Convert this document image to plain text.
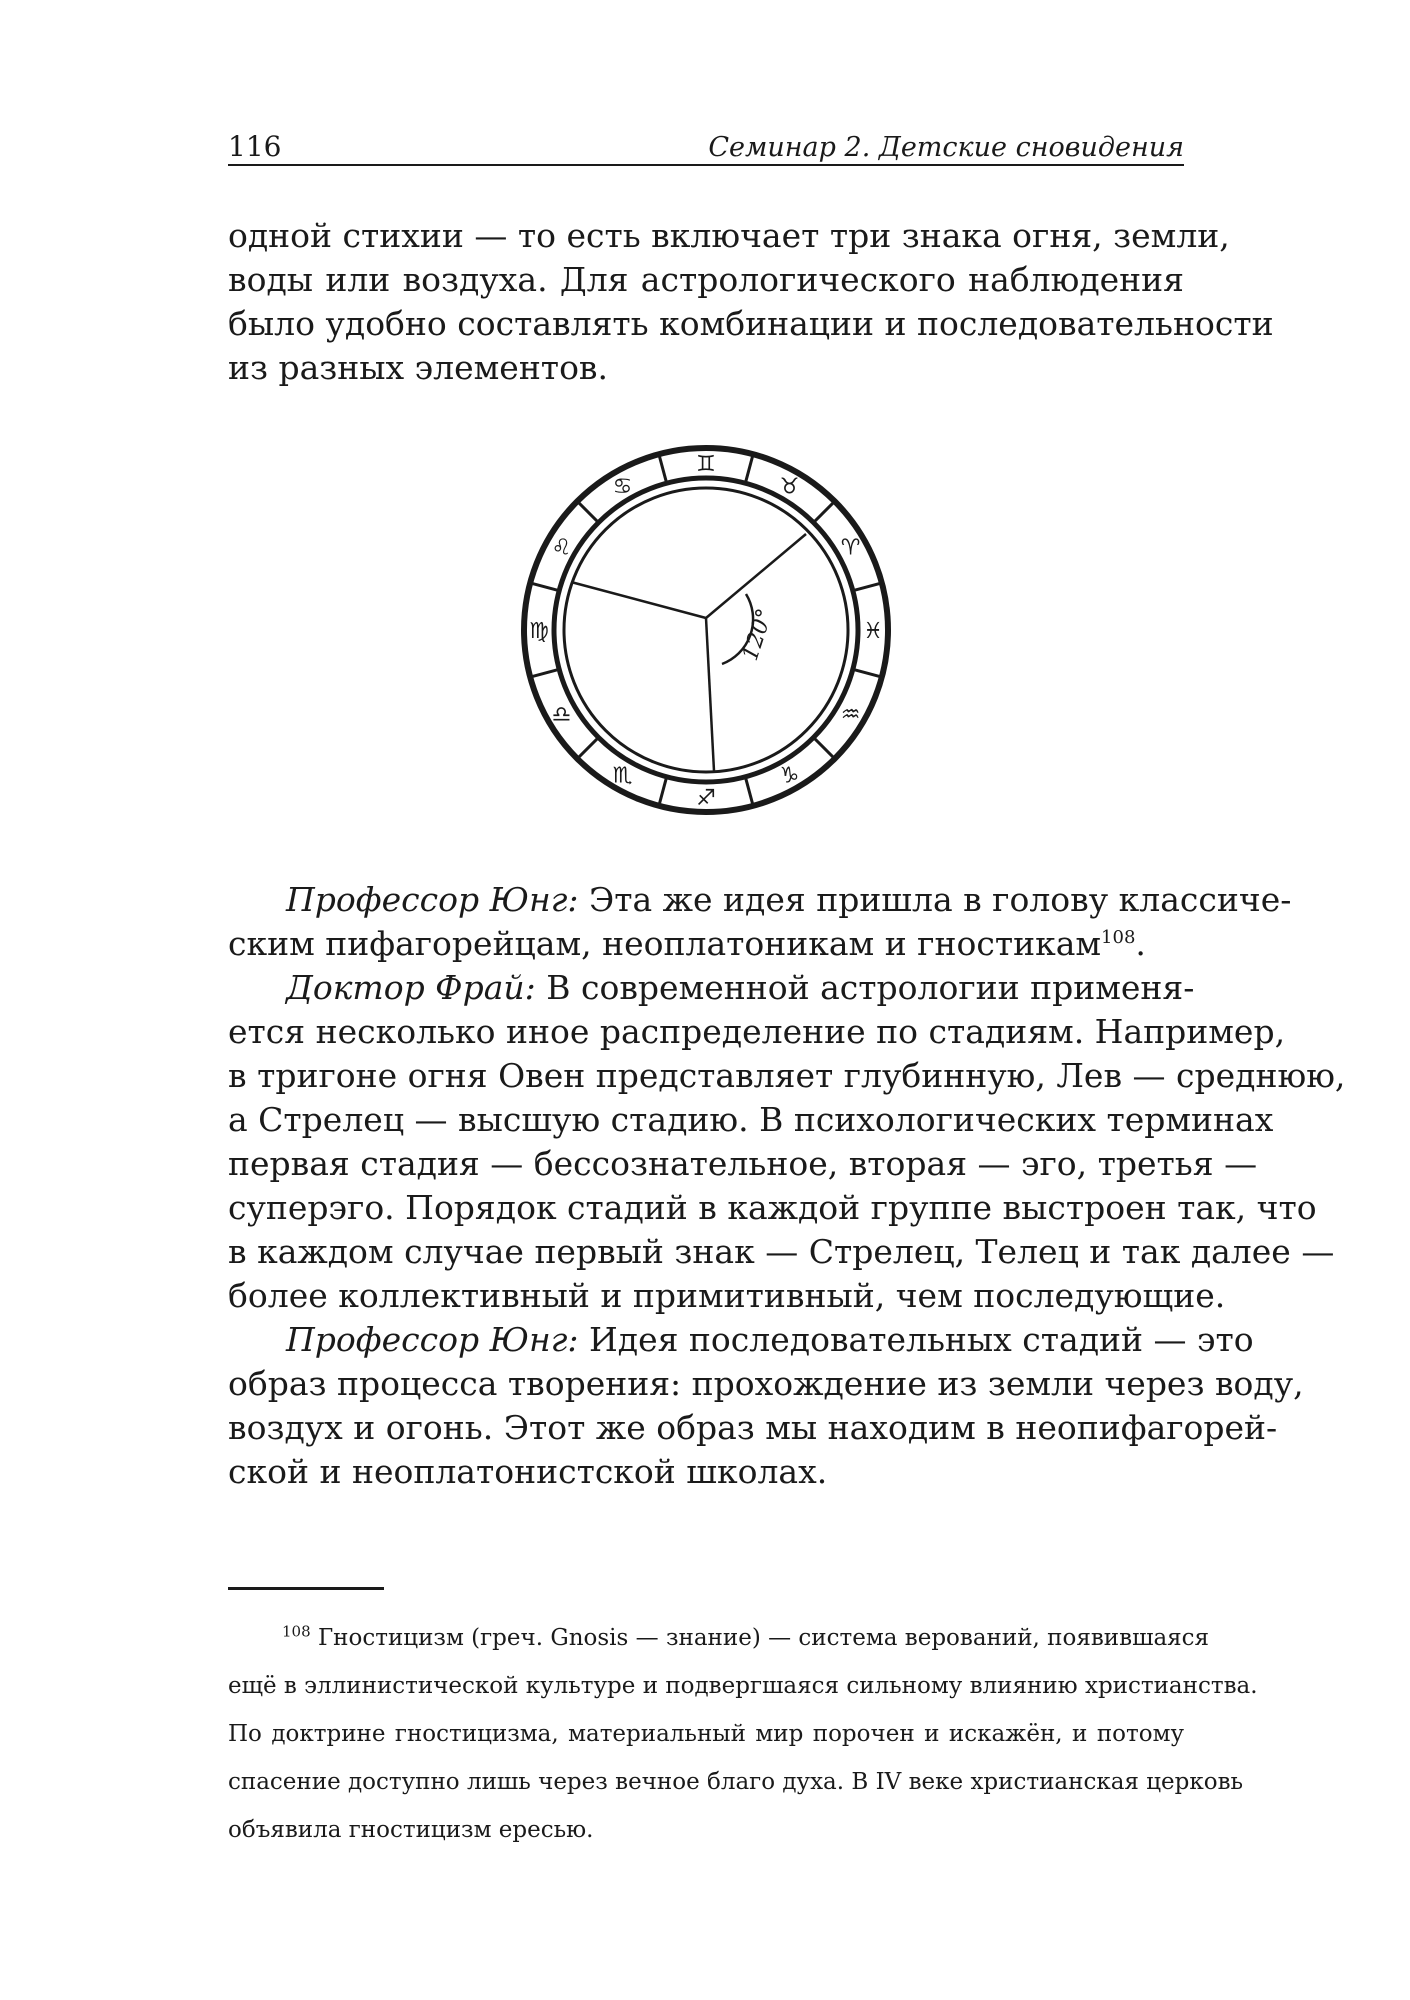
116	Семинар 2. Детские сновидения
одной стихии — то есть включает три знака огня, земли,
воды или воздуха. Для астрологического наблюдения
было удобно составлять комбинации и последовательности
из разных элементов.
♊
♉
♈
♓
♒
♑
♐
♏
♎
♍
♌
♋
120°
Профессор Юнг: Эта же идея пришла в голову классиче-
ским пифагорейцам, неоплатоникам и гностикам$^{108}$.
Доктор Фрай: В современной астрологии применя-
ется несколько иное распределение по стадиям. Например,
в тригоне огня Овен представляет глубинную, Лев — среднюю,
а Стрелец — высшую стадию. В психологических терминах
первая стадия — бессознательное, вторая — эго, третья —
суперэго. Порядок стадий в каждой группе выстроен так, что
в каждом случае первый знак — Стрелец, Телец и так далее —
более коллективный и примитивный, чем последующие.
Профессор Юнг: Идея последовательных стадий — это
образ процесса творения: прохождение из земли через воду,
воздух и огонь. Этот же образ мы находим в неопифагорей-
ской и неоплатонистской школах.
$^{108}$ Гностицизм (греч. Gnosis — знание) — система верований, появившаяся
ещё в эллинистической культуре и подвергшаяся сильному влиянию христианства.
По доктрине гностицизма, материальный мир порочен и искажён, и потому
спасение доступно лишь через вечное благо духа. В IV веке христианская церковь
объявила гностицизм ересью.
